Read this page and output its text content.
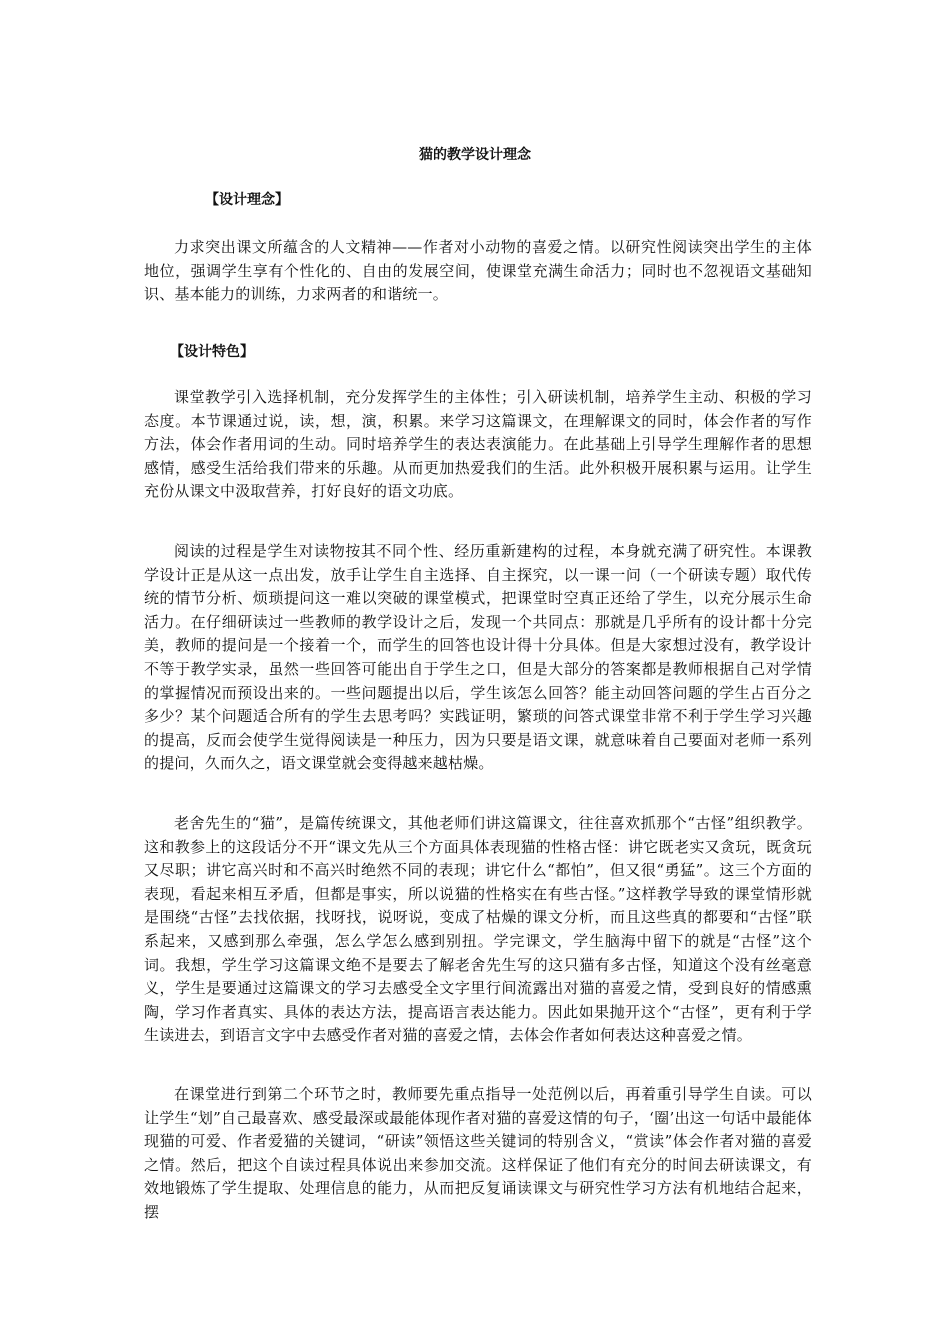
猫的教学设计理念
【设计理念】

力求突出课文所蕴含的人文精神——作者对小动物的喜爱之情。以研究性阅读突出学生的主体地位，强调学生享有个性化的、自由的发展空间，使课堂充满生命活力；同时也不忽视语文基础知识、基本能力的训练，力求两者的和谐统一。

【设计特色】

课堂教学引入选择机制，充分发挥学生的主体性；引入研读机制，培养学生主动、积极的学习态度。本节课通过说，读，想，演，积累。来学习这篇课文，在理解课文的同时，体会作者的写作方法，体会作者用词的生动。同时培养学生的表达表演能力。在此基础上引导学生理解作者的思想感情，感受生活给我们带来的乐趣。从而更加热爱我们的生活。此外积极开展积累与运用。让学生充份从课文中汲取营养，打好良好的语文功底。

阅读的过程是学生对读物按其不同个性、经历重新建构的过程，本身就充满了研究性。本课教学设计正是从这一点出发，放手让学生自主选择、自主探究，以一课一问（一个研读专题）取代传统的情节分析、烦琐提问这一难以突破的课堂模式，把课堂时空真正还给了学生，以充分展示生命活力。在仔细研读过一些教师的教学设计之后，发现一个共同点：那就是几乎所有的设计都十分完美，教师的提问是一个接着一个，而学生的回答也设计得十分具体。但是大家想过没有，教学设计不等于教学实录，虽然一些回答可能出自于学生之口，但是大部分的答案都是教师根据自己对学情的掌握情况而预设出来的。一些问题提出以后，学生该怎么回答？能主动回答问题的学生占百分之多少？某个问题适合所有的学生去思考吗？实践证明，繁琐的问答式课堂非常不利于学生学习兴趣的提高，反而会使学生觉得阅读是一种压力，因为只要是语文课，就意味着自己要面对老师一系列的提问，久而久之，语文课堂就会变得越来越枯燥。

老舍先生的“猫”，是篇传统课文，其他老师们讲这篇课文，往往喜欢抓那个“古怪”组织教学。这和教参上的这段话分不开“课文先从三个方面具体表现猫的性格古怪：讲它既老实又贪玩，既贪玩又尽职；讲它高兴时和不高兴时绝然不同的表现；讲它什么“都怕”，但又很“勇猛”。这三个方面的表现，看起来相互矛盾，但都是事实，所以说猫的性格实在有些古怪。”这样教学导致的课堂情形就是围绕“古怪”去找依据，找呀找，说呀说，变成了枯燥的课文分析，而且这些真的都要和“古怪”联系起来，又感到那么牵强，怎么学怎么感到别扭。学完课文，学生脑海中留下的就是“古怪”这个词。我想，学生学习这篇课文绝不是要去了解老舍先生写的这只猫有多古怪，知道这个没有丝毫意义，学生是要通过这篇课文的学习去感受全文字里行间流露出对猫的喜爱之情，受到良好的情感熏陶，学习作者真实、具体的表达方法，提高语言表达能力。因此如果抛开这个“古怪”，更有利于学生读进去，到语言文字中去感受作者对猫的喜爱之情，去体会作者如何表达这种喜爱之情。

在课堂进行到第二个环节之时，教师要先重点指导一处范例以后，再着重引导学生自读。可以让学生“划”自己最喜欢、感受最深或最能体现作者对猫的喜爱这情的句子，‘圈’出这一句话中最能体现猫的可爱、作者爱猫的关键词，“研读”领悟这些关键词的特别含义，“赏读”体会作者对猫的喜爱之情。然后，把这个自读过程具体说出来参加交流。这样保证了他们有充分的时间去研读课文，有效地锻炼了学生提取、处理信息的能力，从而把反复诵读课文与研究性学习方法有机地结合起来，摆
